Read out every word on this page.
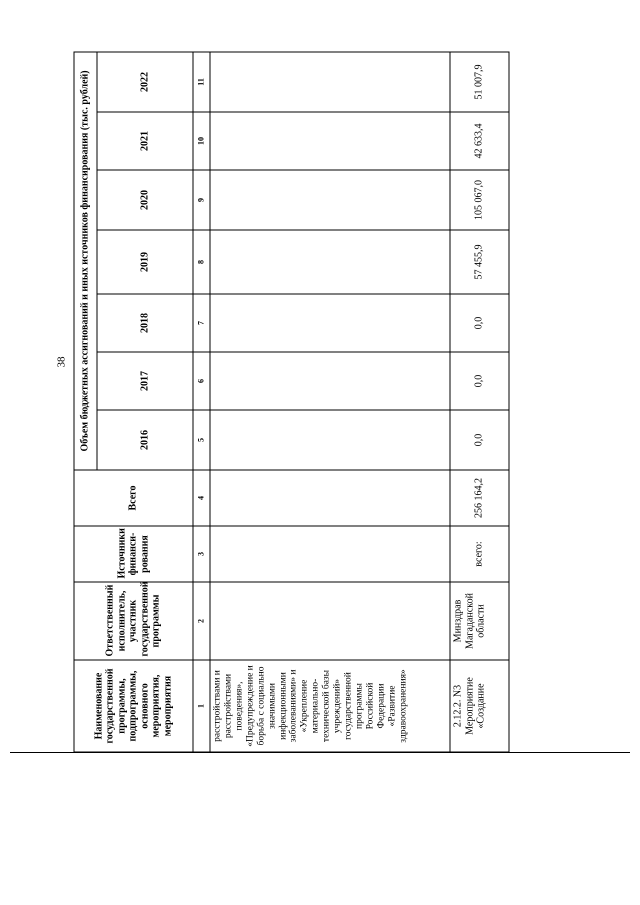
38
Наименование государственной программы, подпрограммы, основного мероприятия, мероприятия	Ответственный исполнитель, участник государственной программы	Источники финанси-рования	Всего	Объем бюджетных ассигнований и иных источников финансирования (тыс. рублей)						
				2016	2017	2018	2019	2020	2021	2022
1	2	3	4	5	6	7	8	9	10	11
расстройствами и расстройствами поведения», «Предупреждение и борьба с социально значимыми инфекционными заболеваниями» и «Укрепление материально-технической базы учреждений» государственной программы Российской Федерации «Развитие здравоохранения»										
2.12.2. N3 Мероприятие «Создание	Минздрав Магаданской области	всего:	256 164,2	0,0	0,0	0,0	57 455,9	105 067,0	42 633,4	51 007,9
